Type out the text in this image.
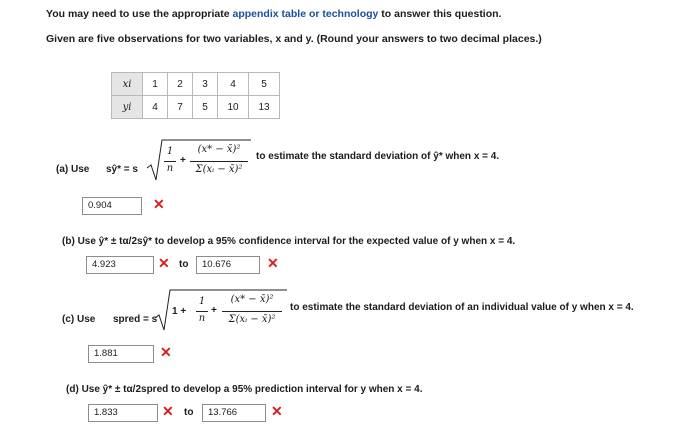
You may need to use the appropriate appendix table or technology to answer this question.
Given are five observations for two variables, x and y. (Round your answers to two decimal places.)
xi	1	2	3	4	5
yi	4	7	5	10	13
(a) Use sŷ* = s
1
n
+
(x* − x̄)²
Σ(xᵢ − x̄)²
to estimate the standard deviation of ŷ* when x = 4.
0.904	✕
(b) Use ŷ* ± tα/2sŷ* to develop a 95% confidence interval for the expected value of y when x = 4.
4.923	✕ to	10.676	✕
(c) Use spred = s
1 +
1
n
+
(x* − x̄)²
Σ(xᵢ − x̄)²
to estimate the standard deviation of an individual value of y when x = 4.
1.881	✕
(d) Use ŷ* ± tα/2spred to develop a 95% prediction interval for y when x = 4.
1.833	✕ to	13.766	✕
